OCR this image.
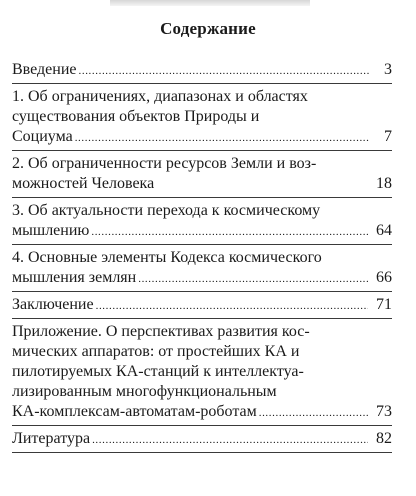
Содержание
Введение .....	3
1. Об ограничениях, диапазонах и областях
существования объектов Природы и
Социума .....	7
2. Об ограниченности ресурсов Земли и воз-
можностей Человека	18
3. Об актуальности перехода к космическому
мышлению .....	64
4. Основные элементы Кодекса космического
мышления землян .....	66
Заключение .....	71
Приложение. О перспективах развития кос-
мических аппаратов: от простейших КА и
пилотируемых КА-станций к интеллектуа-
лизированным многофункциональным
КА-комплексам-автоматам-роботам .....	73
Литература .....	82
